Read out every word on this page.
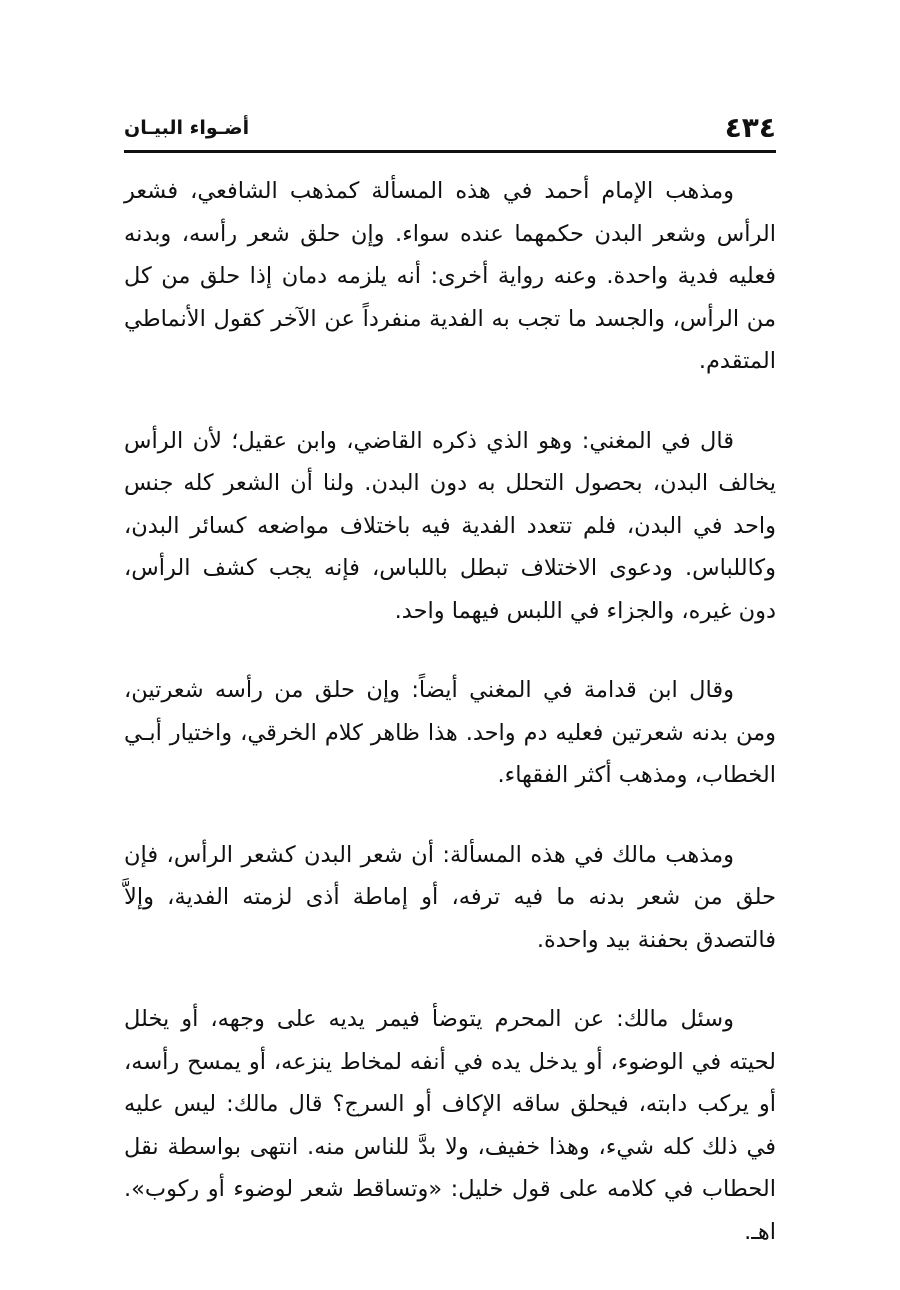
٤٣٤
أضـواء البيـان

ومذهب الإمام أحمد في هذه المسألة كمذهب الشافعي، فشعر الرأس وشعر البدن حكمهما عنده سواء. وإن حلق شعر رأسه، وبدنه فعليه فدية واحدة. وعنه رواية أخرى: أنه يلزمه دمان إذا حلق من كل من الرأس، والجسد ما تجب به الفدية منفرداً عن الآخر كقول الأنماطي المتقدم.

قال في المغني: وهو الذي ذكره القاضي، وابن عقيل؛ لأن الرأس يخالف البدن، بحصول التحلل به دون البدن. ولنا أن الشعر كله جنس واحد في البدن، فلم تتعدد الفدية فيه باختلاف مواضعه كسائر البدن، وكاللباس. ودعوى الاختلاف تبطل باللباس، فإنه يجب كشف الرأس، دون غيره، والجزاء في اللبس فيهما واحد.

وقال ابن قدامة في المغني أيضاً: وإن حلق من رأسه شعرتين، ومن بدنه شعرتين فعليه دم واحد. هذا ظاهر كلام الخرقي، واختيار أبـي الخطاب، ومذهب أكثر الفقهاء.

ومذهب مالك في هذه المسألة: أن شعر البدن كشعر الرأس، فإن حلق من شعر بدنه ما فيه ترفه، أو إماطة أذى لزمته الفدية، وإلاَّ فالتصدق بحفنة بيد واحدة.

وسئل مالك: عن المحرم يتوضأ فيمر يديه على وجهه، أو يخلل لحيته في الوضوء، أو يدخل يده في أنفه لمخاط ينزعه، أو يمسح رأسه، أو يركب دابته، فيحلق ساقه الإكاف أو السرج؟ قال مالك: ليس عليه في ذلك كله شيء، وهذا خفيف، ولا بدَّ للناس منه. انتهى بواسطة نقل الحطاب في كلامه على قول خليل: «وتساقط شعر لوضوء أو ركوب». اهـ.
